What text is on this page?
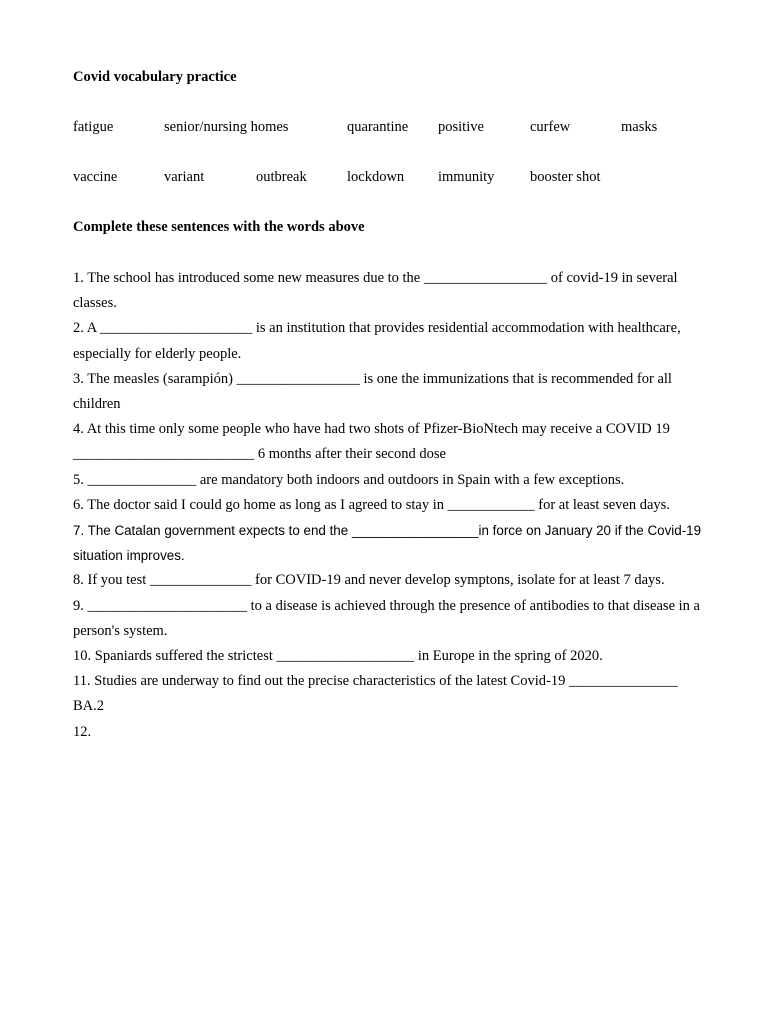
Covid vocabulary practice

fatigue	senior/nursing homes	quarantine	positive	curfew	masks
vaccine	variant	outbreak	lockdown	immunity	booster shot

Complete these sentences with the words above

1. The school has introduced some new measures due to the _________________ of covid-19 in several classes.

2. A _____________________ is an institution that provides residential accommodation with healthcare, especially for elderly people.

3. The measles (sarampión) _________________ is one the immunizations that is recommended for all children

4. At this time only some people who have had two shots of Pfizer-BioNtech may receive a COVID 19 _________________________ 6 months after their second dose

5. _______________ are mandatory both indoors and outdoors in Spain with a few exceptions.

6. The doctor said I could go home as long as I agreed to stay in ____________ for at least seven days.

7. The Catalan government expects to end the _________________in force on January 20 if the Covid-19 situation improves.

8. If you test ______________ for COVID-19 and never develop symptons, isolate for at least 7 days.

9. ______________________ to a disease is achieved through the presence of antibodies to that disease in a person's system.

10. Spaniards suffered the strictest ___________________ in Europe in the spring of 2020.

11. Studies are underway to find out the precise characteristics of the latest Covid-19 _______________ BA.2

12.
